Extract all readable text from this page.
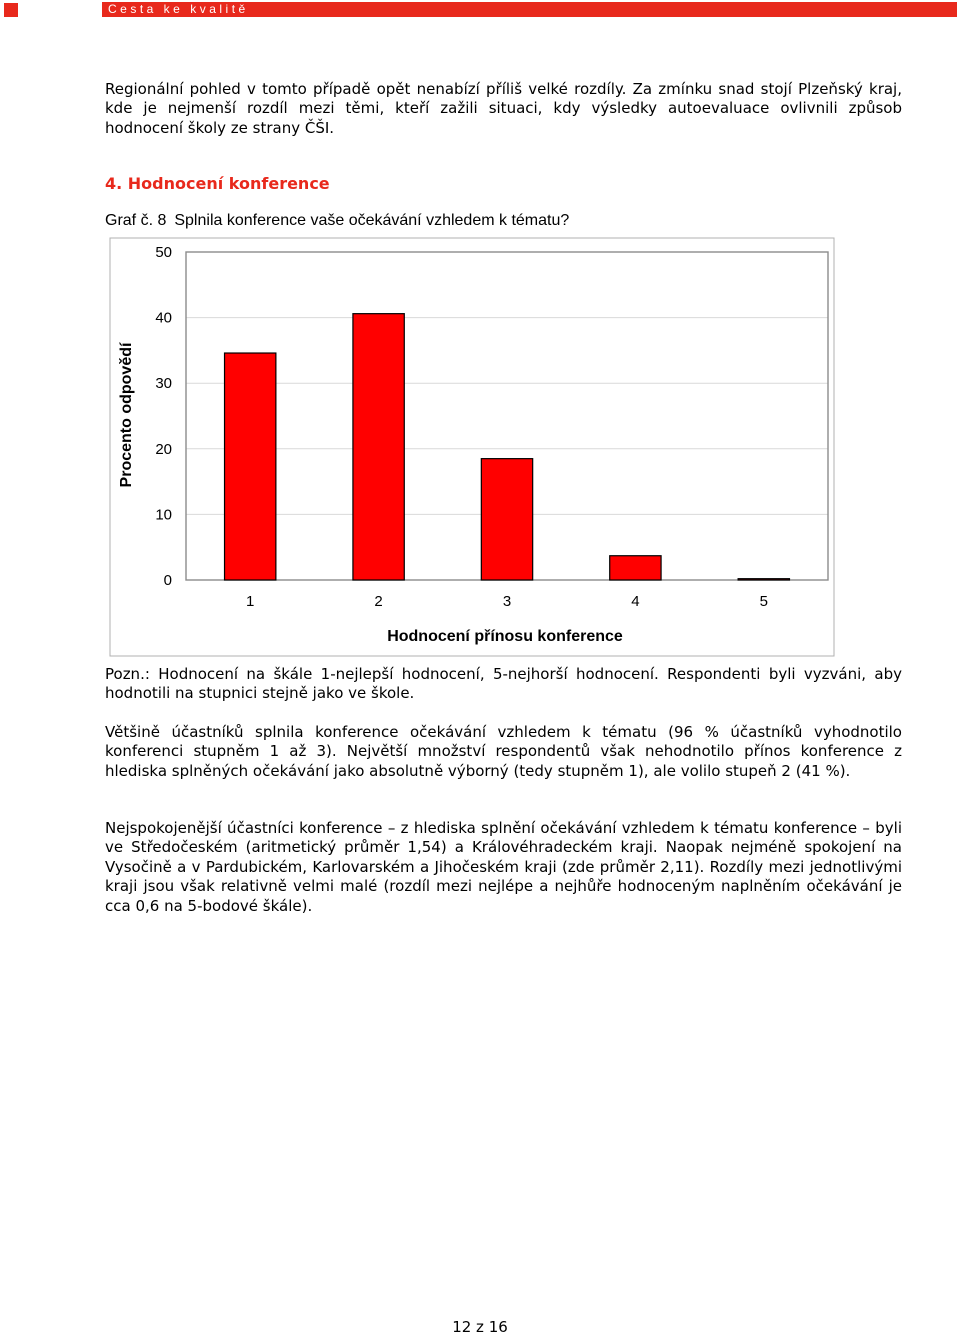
Cesta ke kvalitě

Regionální pohled v tomto případě opět nenabízí příliš velké rozdíly. Za zmínku snad stojí Plzeňský kraj, kde je nejmenší rozdíl mezi těmi, kteří zažili situaci, kdy výsledky autoevaluace ovlivnili způsob hodnocení školy ze strany ČŠI.

4. Hodnocení konference
Graf č. 8 Splnila konference vaše očekávání vzhledem k tématu?
0
10
20
30
40
50
1	2	3	4	5
Procento odpovědí
Hodnocení přínosu konference

Pozn.: Hodnocení na škále 1-nejlepší hodnocení, 5-nejhorší hodnocení. Respondenti byli vyzváni, aby hodnotili na stupnici stejně jako ve škole.

Většině účastníků splnila konference očekávání vzhledem k tématu (96 % účastníků vyhodnotilo konferenci stupněm 1 až 3). Největší množství respondentů však nehodnotilo přínos konference z hlediska splněných očekávání jako absolutně výborný (tedy stupněm 1), ale volilo stupeň 2 (41 %).

Nejspokojenější účastníci konference – z hlediska splnění očekávání vzhledem k tématu konference – byli ve Středočeském (aritmetický průměr 1,54) a Královéhradeckém kraji. Naopak nejméně spokojení na Vysočině a v Pardubickém, Karlovarském a Jihočeském kraji (zde průměr 2,11). Rozdíly mezi jednotlivými kraji jsou však relativně velmi malé (rozdíl mezi nejlépe a nejhůře hodnoceným naplněním očekávání je cca 0,6 na 5-bodové škále).

12 z 16
